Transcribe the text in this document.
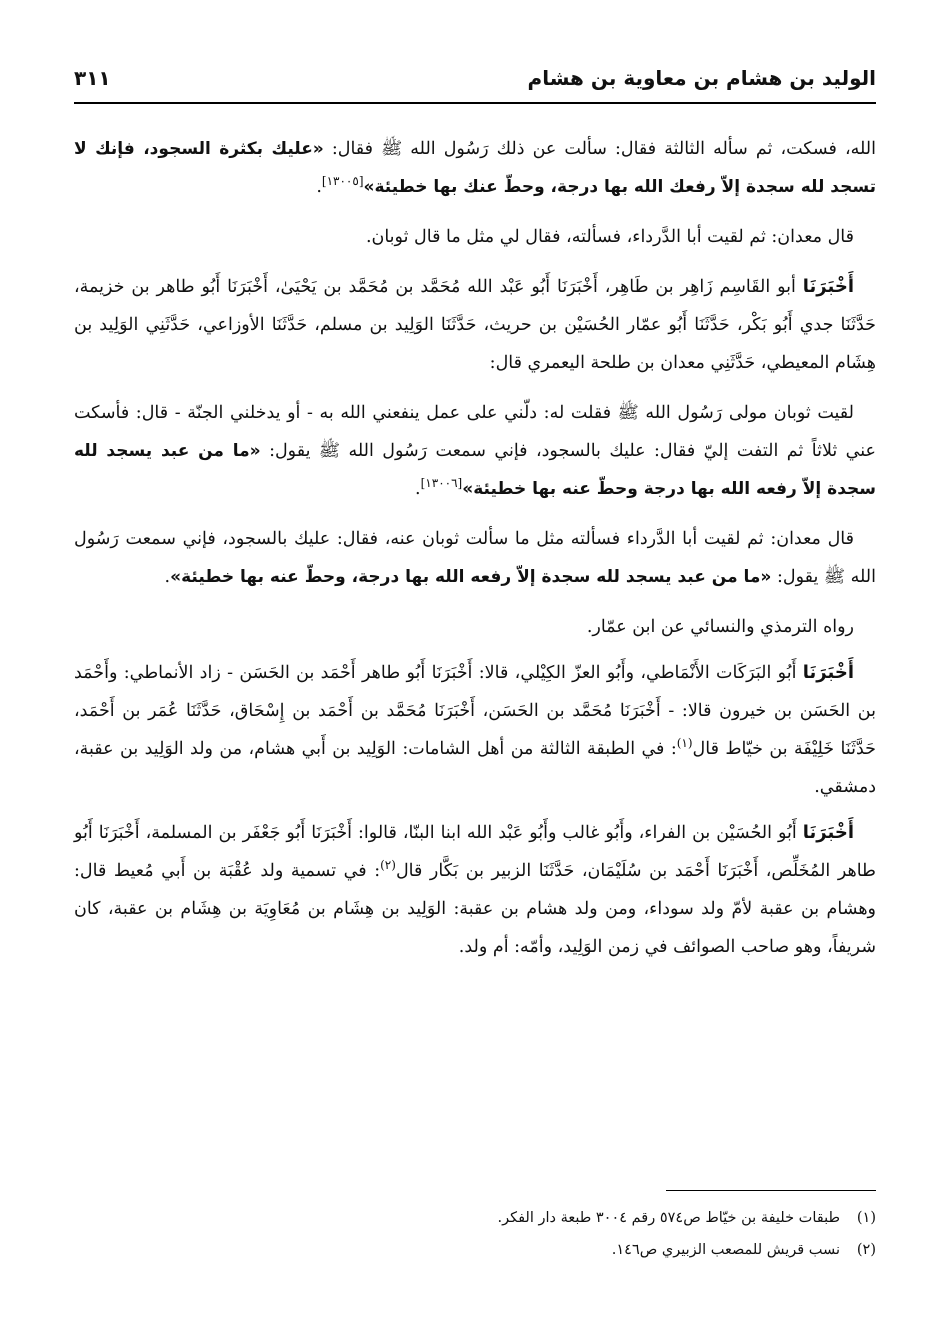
الوليد بن هشام بن معاوية بن هشام
٣١١

الله، فسكت، ثم سأله الثالثة فقال: سألت عن ذلك رَسُول الله ﷺ فقال: «عليك بكثرة السجود، فإنك لا تسجد لله سجدة إلاّ رفعك الله بها درجة، وحطّ عنك بها خطيئة»[١٣٠٠٥].

قال معدان: ثم لقيت أبا الدَّرداء، فسألته، فقال لي مثل ما قال ثوبان.

أَخْبَرَنَا أبو القَاسِم زَاهِر بن طَاهِر، أَخْبَرَنَا أَبُو عَبْد الله مُحَمَّد بن مُحَمَّد بن يَحْيَىٰ، أَخْبَرَنَا أَبُو طاهر بن خزيمة، حَدَّثَنَا جدي أَبُو بَكْر، حَدَّثَنَا أَبُو عمّار الحُسَيْن بن حريث، حَدَّثَنَا الوَلِيد بن مسلم، حَدَّثَنَا الأوزاعي، حَدَّثَنِي الوَلِيد بن هِشَام المعيطي، حَدَّثَنِي معدان بن طلحة اليعمري قال:

لقيت ثوبان مولى رَسُول الله ﷺ فقلت له: دلّني على عمل ينفعني الله به - أو يدخلني الجنّة - قال: فأسكت عني ثلاثاً ثم التفت إليّ فقال: عليك بالسجود، فإني سمعت رَسُول الله ﷺ يقول: «ما من عبد يسجد لله سجدة إلاّ رفعه الله بها درجة وحطّ عنه بها خطيئة»[١٣٠٠٦].

قال معدان: ثم لقيت أبا الدَّرداء فسألته مثل ما سألت ثوبان عنه، فقال: عليك بالسجود، فإني سمعت رَسُول الله ﷺ يقول: «ما من عبد يسجد لله سجدة إلاّ رفعه الله بها درجة، وحطّ عنه بها خطيئة».

رواه الترمذي والنسائي عن ابن عمّار.

أَخْبَرَنَا أَبُو البَرَكَات الأَنْمَاطي، وأَبُو العزّ الكِيْلي، قالا: أَخْبَرَنَا أَبُو طاهر أَحْمَد بن الحَسَن - زاد الأنماطي: وأَحْمَد بن الحَسَن بن خيرون قالا: - أَخْبَرَنَا مُحَمَّد بن الحَسَن، أَخْبَرَنَا مُحَمَّد بن أَحْمَد بن إِسْحَاق، حَدَّثَنَا عُمَر بن أَحْمَد، حَدَّثَنَا خَلِيْفَة بن خيّاط قال$^{(١)}$: في الطبقة الثالثة من أهل الشامات: الوَلِيد بن أَبي هشام، من ولد الوَلِيد بن عقبة، دمشقي.

أَخْبَرَنَا أَبُو الحُسَيْن بن الفراء، وأَبُو غالب وأَبُو عَبْد الله ابنا البنّا، قالوا: أَخْبَرَنَا أَبُو جَعْفَر بن المسلمة، أَخْبَرَنَا أَبُو طاهر المُخَلِّص، أَخْبَرَنَا أَحْمَد بن سُلَيْمَان، حَدَّثَنَا الزبير بن بَكَّار قال$^{(٢)}$: في تسمية ولد عُقْبَة بن أَبي مُعيط قال: وهشام بن عقبة لأمّ ولد سوداء، ومن ولد هشام بن عقبة: الوَلِيد بن هِشَام بن مُعَاوِيَة بن هِشَام بن عقبة، كان شريفاً، وهو صاحب الصوائف في زمن الوَلِيد، وأمّه: أم ولد.

(١)طبقات خليفة بن خيّاط ص٥٧٤ رقم ٣٠٠٤ طبعة دار الفكر.

(٢)نسب قريش للمصعب الزبيري ص١٤٦.
